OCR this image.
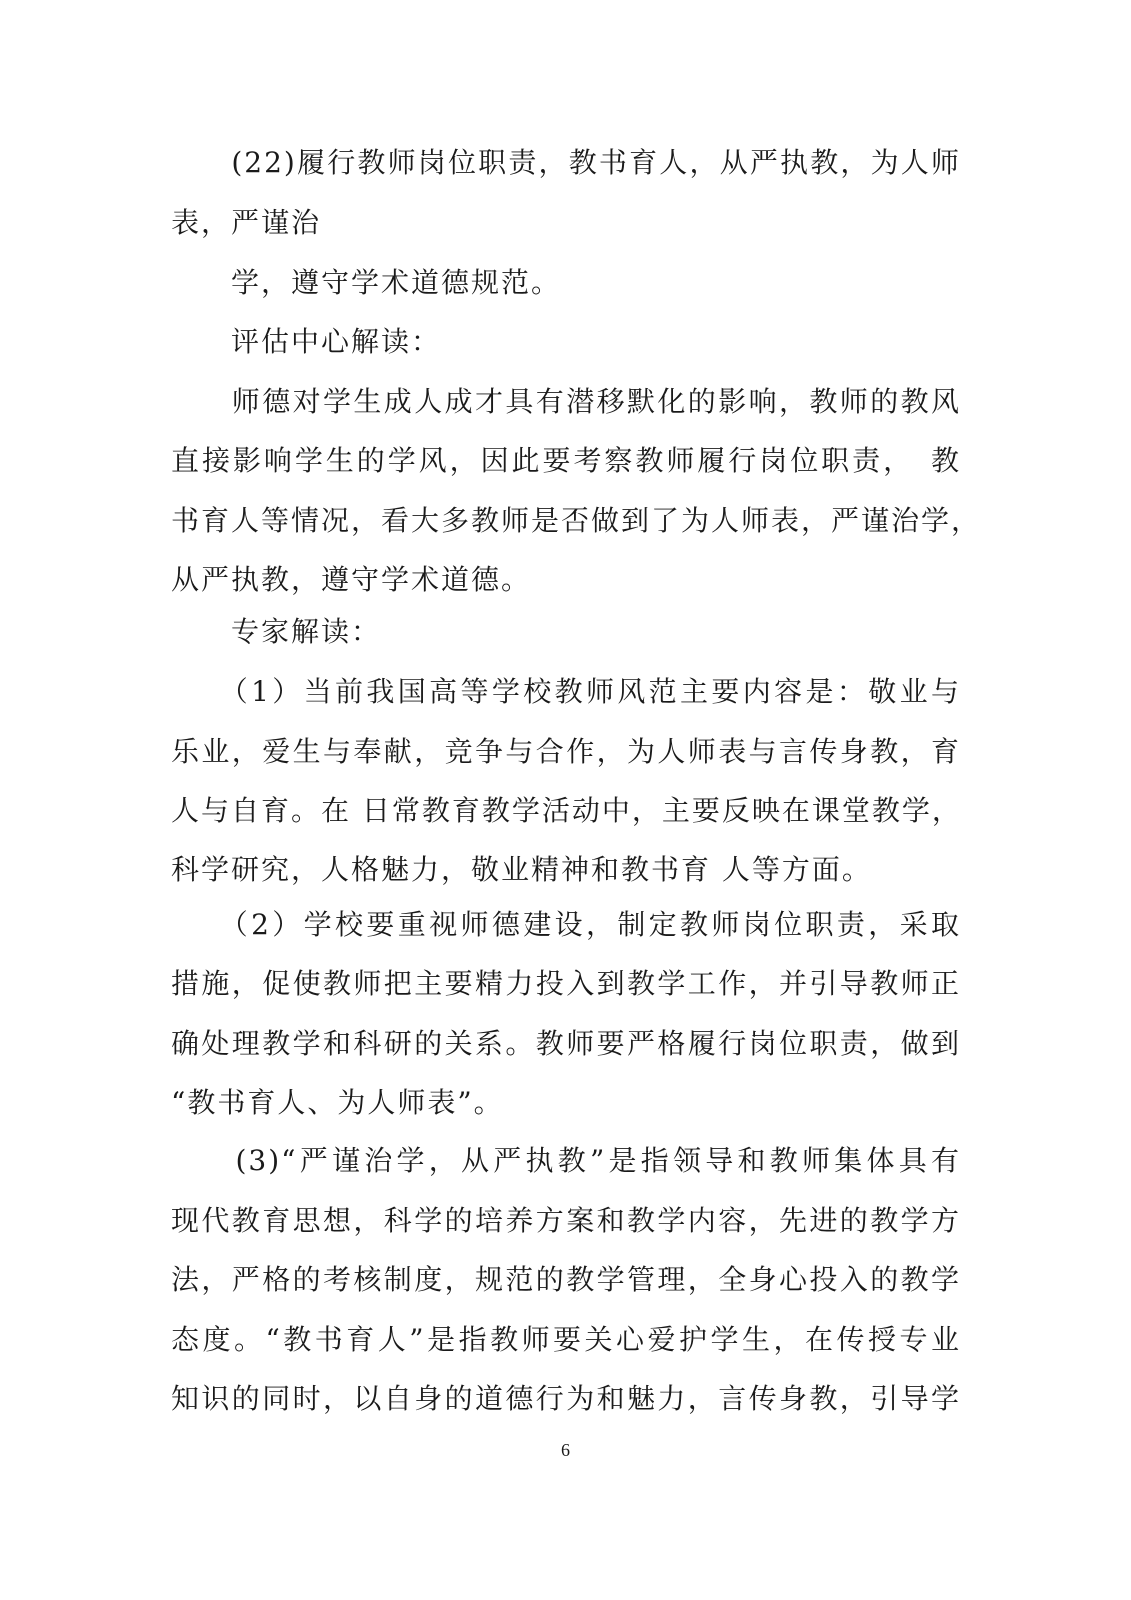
　　(22)履行教师岗位职责，教书育人，从严执教，为人师
表，严谨治
　　学，遵守学术道德规范。
　　评估中心解读：
　　师德对学生成人成才具有潜移默化的影响，教师的教风
直接影响学生的学风，因此要考察教师履行岗位职责，　教
书育人等情况，看大多教师是否做到了为人师表，严谨治学，
从严执教，遵守学术道德。
　　专家解读：
　　（1）当前我国高等学校教师风范主要内容是：敬业与
乐业，爱生与奉献，竞争与合作，为人师表与言传身教，育
人与自育。在 日常教育教学活动中，主要反映在课堂教学，
科学研究，人格魅力，敬业精神和教书育 人等方面。
　　（2）学校要重视师德建设，制定教师岗位职责，采取
措施，促使教师把主要精力投入到教学工作，并引导教师正
确处理教学和科研的关系。教师要严格履行岗位职责，做到
“教书育人、为人师表”。
　　(3)“严谨治学，从严执教”是指领导和教师集体具有
现代教育思想，科学的培养方案和教学内容，先进的教学方
法，严格的考核制度，规范的教学管理，全身心投入的教学
态度。“教书育人”是指教师要关心爱护学生，在传授专业
知识的同时，以自身的道德行为和魅力，言传身教，引导学
6
